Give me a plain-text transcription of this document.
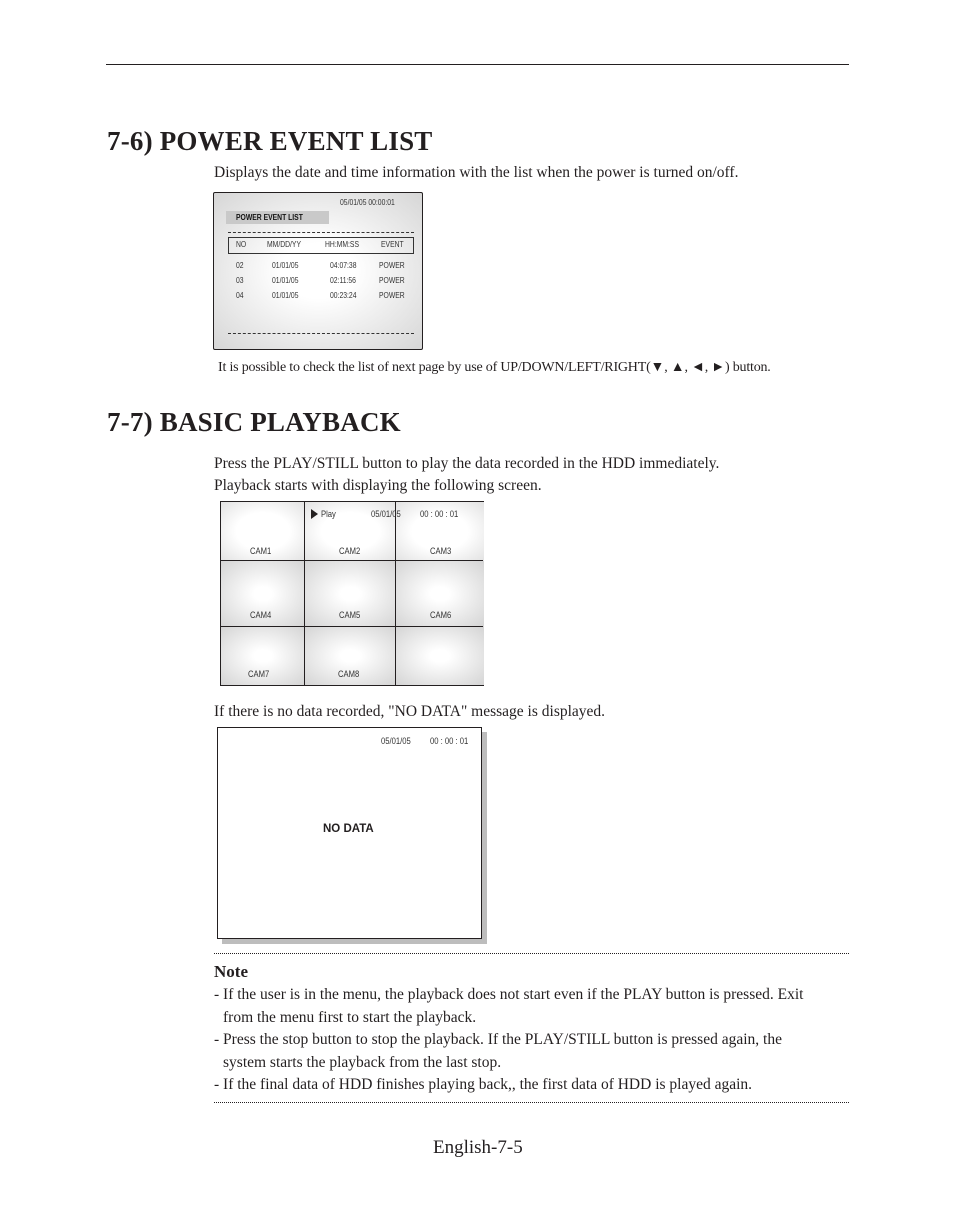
7-6) POWER EVENT LIST
Displays the date and time information with the list when the power is turned on/off.
05/01/05 00:00:01
POWER EVENT LIST
NO	MM/DD/YY	HH:MM:SS	EVENT
02	01/01/05	04:07:38	POWER
03	01/01/05	02:11:56	POWER
04	01/01/05	00:23:24	POWER
It is possible to check the list of next page by use of UP/DOWN/LEFT/RIGHT(▼, ▲, ◄, ►) button.
7-7) BASIC PLAYBACK
Press the PLAY/STILL button to play the data recorded in the HDD immediately.
Playback starts with displaying the following screen.
Play	05/01/05 00 : 00 : 01
CAM1	CAM2	CAM3
CAM4	CAM5	CAM6
CAM7	CAM8
If there is no data recorded, "NO DATA" message is displayed.
05/01/05 00 : 00 : 01
NO DATA
Note
- If the user is in the menu, the playback does not start even if the PLAY button is pressed. Exit
from the menu first to start the playback.
- Press the stop button to stop the playback. If the PLAY/STILL button is pressed again, the
system starts the playback from the last stop.
- If the final data of HDD finishes playing back,, the first data of HDD is played again.
English-7-5
